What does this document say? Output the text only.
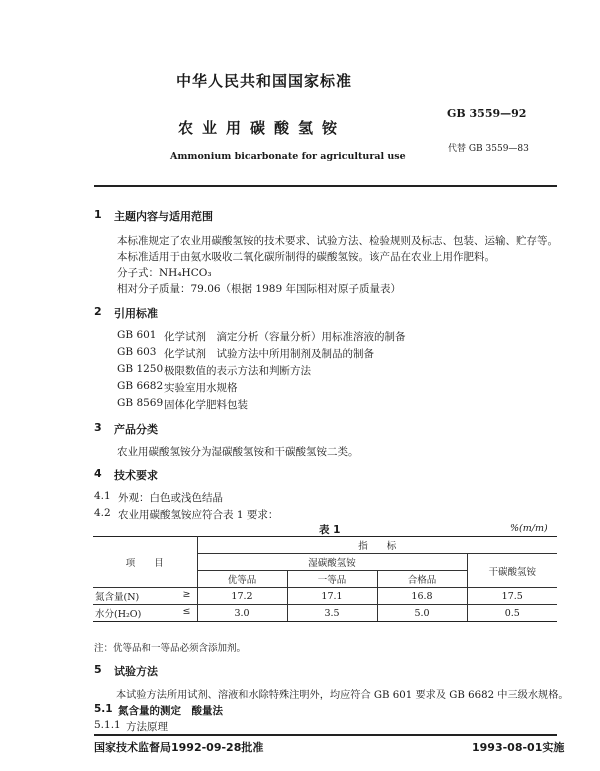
中华人民共和国国家标准
农业用碳酸氢铵
Ammonium bicarbonate for agricultural use
GB 3559—92
代替 GB 3559—83
1 主题内容与适用范围
本标准规定了农业用碳酸氢铵的技术要求、试验方法、检验规则及标志、包装、运输、贮存等。
本标准适用于由氨水吸收二氧化碳所制得的碳酸氢铵。该产品在农业上用作肥料。
分子式：NH₄HCO₃
相对分子质量：79.06（根据 1989 年国际相对原子质量表）
2 引用标准
GB 601 化学试剂　滴定分析（容量分析）用标准溶液的制备
GB 603 化学试剂　试验方法中所用制剂及制品的制备
GB 1250 极限数值的表示方法和判断方法
GB 6682 实验室用水规格
GB 8569 固体化学肥料包装
3 产品分类
农业用碳酸氢铵分为湿碳酸氢铵和干碳酸氢铵二类。
4 技术要求
4.1 外观：白色或浅色结晶
4.2 农业用碳酸氢铵应符合表 1 要求：
表 1	%(m/m)
项　　目	指　　标			
	湿碳酸氢铵			干碳酸氢铵
	优等品	一等品	合格品	
氮含量(N) ≥	17.2	17.1	16.8	17.5
水分(H₂O) ≤	3.0	3.5	5.0	0.5
注：优等品和一等品必须含添加剂。
5 试验方法
本试验方法所用试剂、溶液和水除特殊注明外，均应符合 GB 601 要求及 GB 6682 中三级水规格。
5.1 氮含量的测定　酸量法
5.1.1 方法原理
国家技术监督局1992-09-28批准	1993-08-01实施
